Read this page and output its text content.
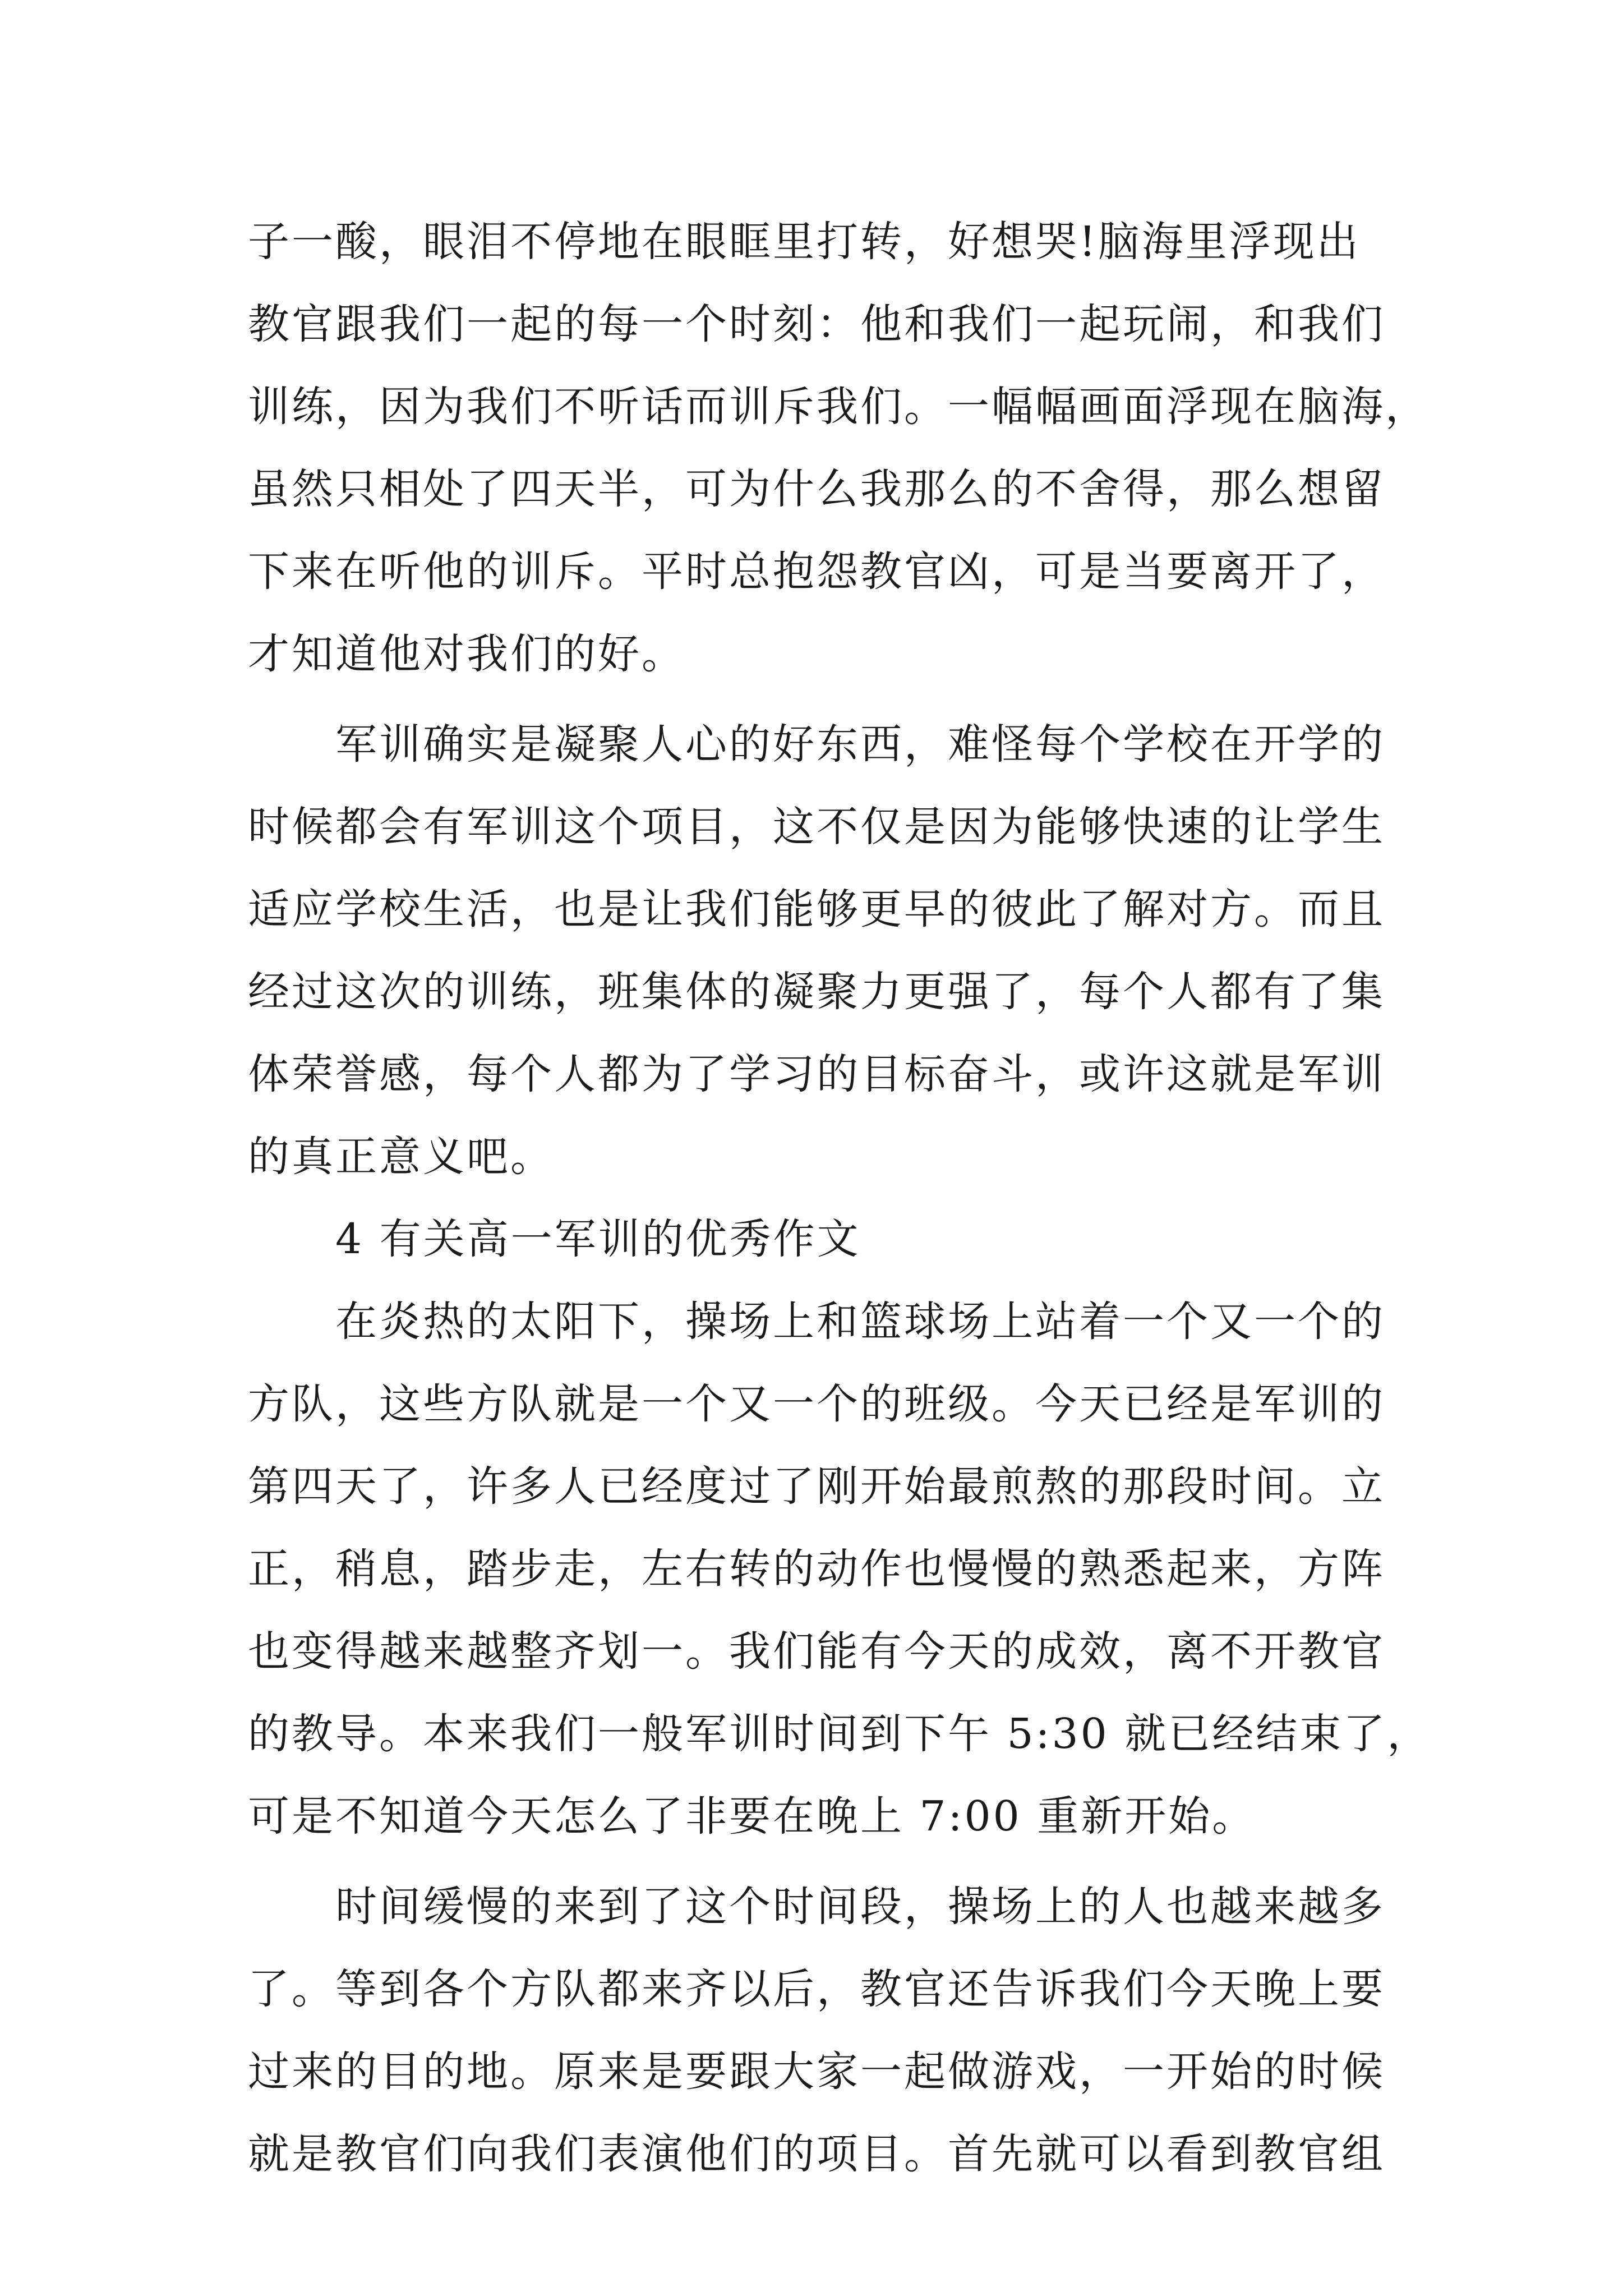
子一酸，眼泪不停地在眼眶里打转，好想哭!脑海里浮现出
教官跟我们一起的每一个时刻：他和我们一起玩闹，和我们
训练，因为我们不听话而训斥我们。一幅幅画面浮现在脑海，
虽然只相处了四天半，可为什么我那么的不舍得，那么想留
下来在听他的训斥。平时总抱怨教官凶，可是当要离开了，
才知道他对我们的好。
　　军训确实是凝聚人心的好东西，难怪每个学校在开学的
时候都会有军训这个项目，这不仅是因为能够快速的让学生
适应学校生活，也是让我们能够更早的彼此了解对方。而且
经过这次的训练，班集体的凝聚力更强了，每个人都有了集
体荣誉感，每个人都为了学习的目标奋斗，或许这就是军训
的真正意义吧。
　　4 有关高一军训的优秀作文
　　在炎热的太阳下，操场上和篮球场上站着一个又一个的
方队，这些方队就是一个又一个的班级。今天已经是军训的
第四天了，许多人已经度过了刚开始最煎熬的那段时间。立
正，稍息，踏步走，左右转的动作也慢慢的熟悉起来，方阵
也变得越来越整齐划一。我们能有今天的成效，离不开教官
的教导。本来我们一般军训时间到下午 5:30 就已经结束了，
可是不知道今天怎么了非要在晚上 7:00 重新开始。
　　时间缓慢的来到了这个时间段，操场上的人也越来越多
了。等到各个方队都来齐以后，教官还告诉我们今天晚上要
过来的目的地。原来是要跟大家一起做游戏，一开始的时候
就是教官们向我们表演他们的项目。首先就可以看到教官组
